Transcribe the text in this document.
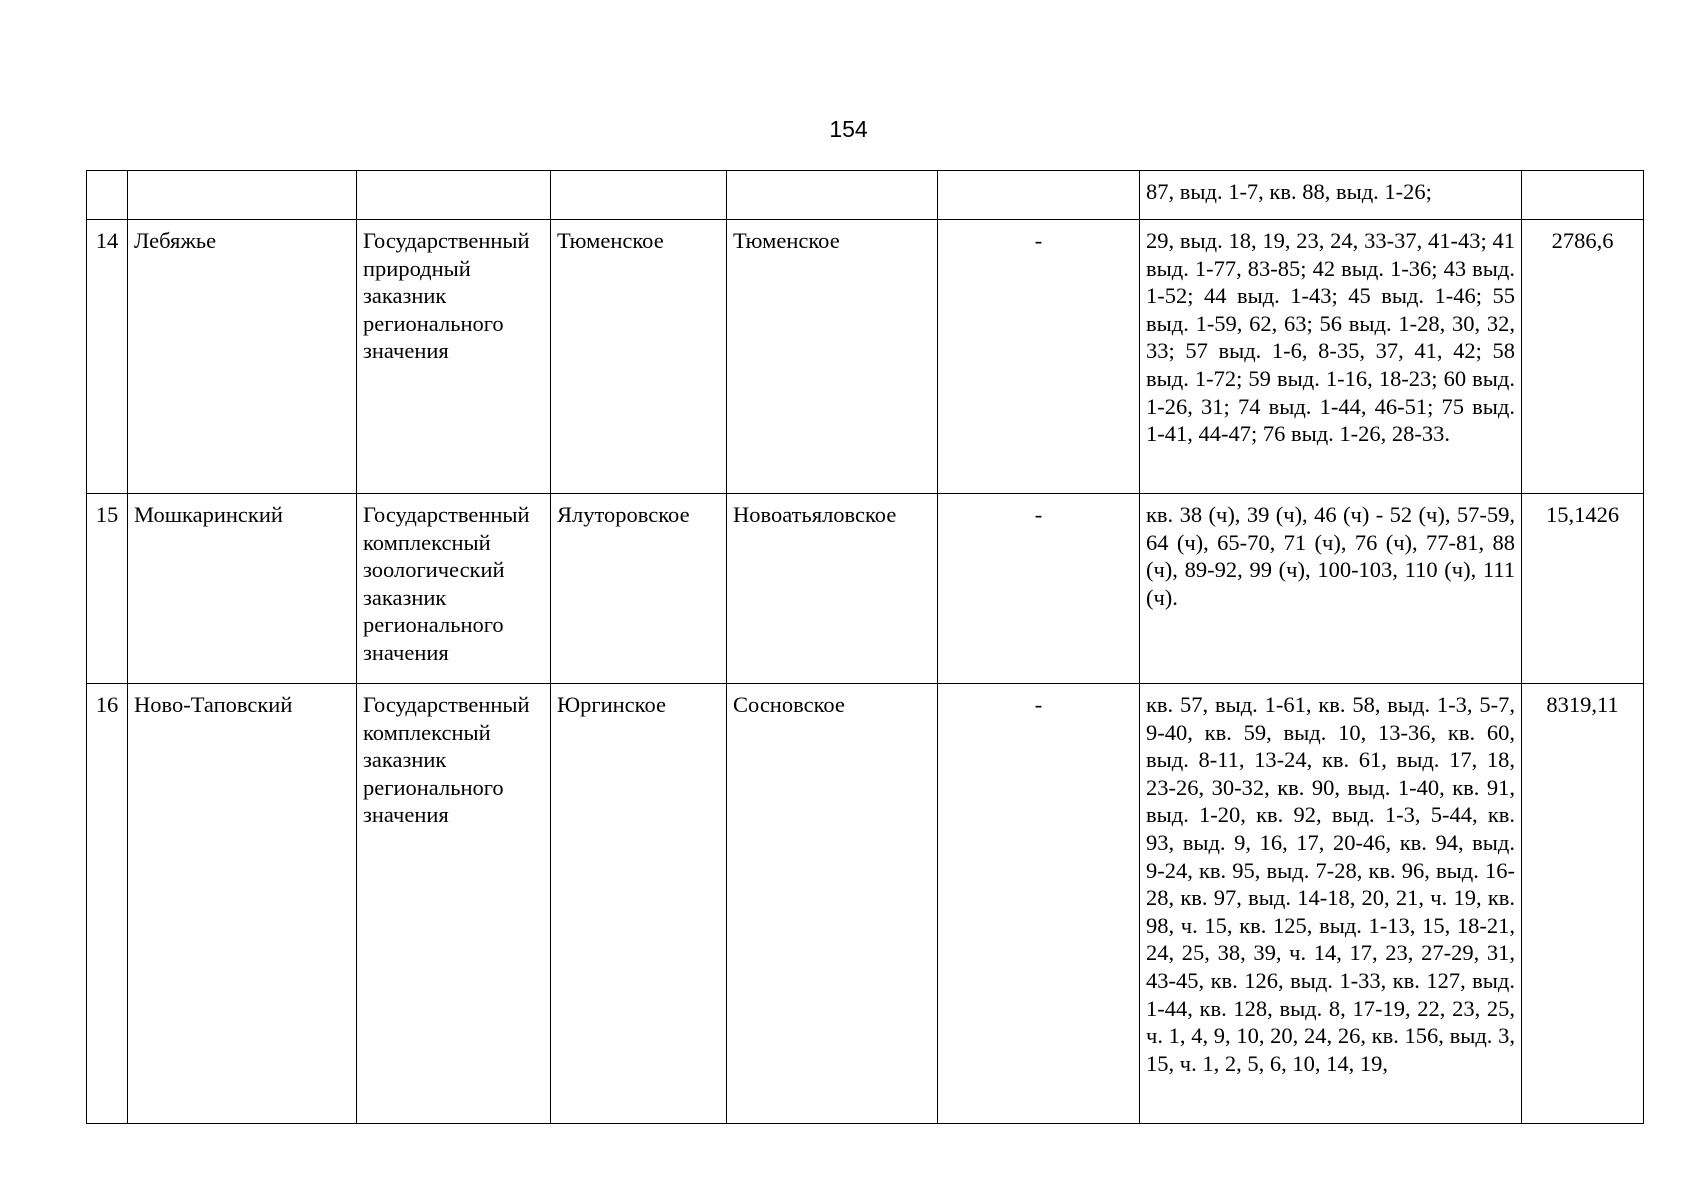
154
						87, выд. 1-7, кв. 88, выд. 1-26;	
14	Лебяжье	Государственный природный заказник регионального значения	Тюменское	Тюменское	-	29, выд. 18, 19, 23, 24, 33-37, 41-43; 41 выд. 1-77, 83-85; 42 выд. 1-36; 43 выд. 1-52; 44 выд. 1-43; 45 выд. 1-46; 55 выд. 1-59, 62, 63; 56 выд. 1-28, 30, 32, 33; 57 выд. 1-6, 8-35, 37, 41, 42; 58 выд. 1-72; 59 выд. 1-16, 18-23; 60 выд. 1-26, 31; 74 выд. 1-44, 46-51; 75 выд. 1-41, 44-47; 76 выд. 1-26, 28-33.	2786,6
15	Мошкаринский	Государственный комплексный зоологический заказник регионального значения	Ялуторовское	Новоатьяловское	-	кв. 38 (ч), 39 (ч), 46 (ч) - 52 (ч), 57-59, 64 (ч), 65-70, 71 (ч), 76 (ч), 77-81, 88 (ч), 89-92, 99 (ч), 100-103, 110 (ч), 111 (ч).	15,1426
16	Ново-Таповский	Государственный комплексный заказник регионального значения	Юргинское	Сосновское	-	кв. 57, выд. 1-61, кв. 58, выд. 1-3, 5-7, 9-40, кв. 59, выд. 10, 13-36, кв. 60, выд. 8-11, 13-24, кв. 61, выд. 17, 18, 23-26, 30-32, кв. 90, выд. 1-40, кв. 91, выд. 1-20, кв. 92, выд. 1-3, 5-44, кв. 93, выд. 9, 16, 17, 20-46, кв. 94, выд. 9-24, кв. 95, выд. 7-28, кв. 96, выд. 16-28, кв. 97, выд. 14-18, 20, 21, ч. 19, кв. 98, ч. 15, кв. 125, выд. 1-13, 15, 18-21, 24, 25, 38, 39, ч. 14, 17, 23, 27-29, 31, 43-45, кв. 126, выд. 1-33, кв. 127, выд. 1-44, кв. 128, выд. 8, 17-19, 22, 23, 25, ч. 1, 4, 9, 10, 20, 24, 26, кв. 156, выд. 3, 15, ч. 1, 2, 5, 6, 10, 14, 19,	8319,11
